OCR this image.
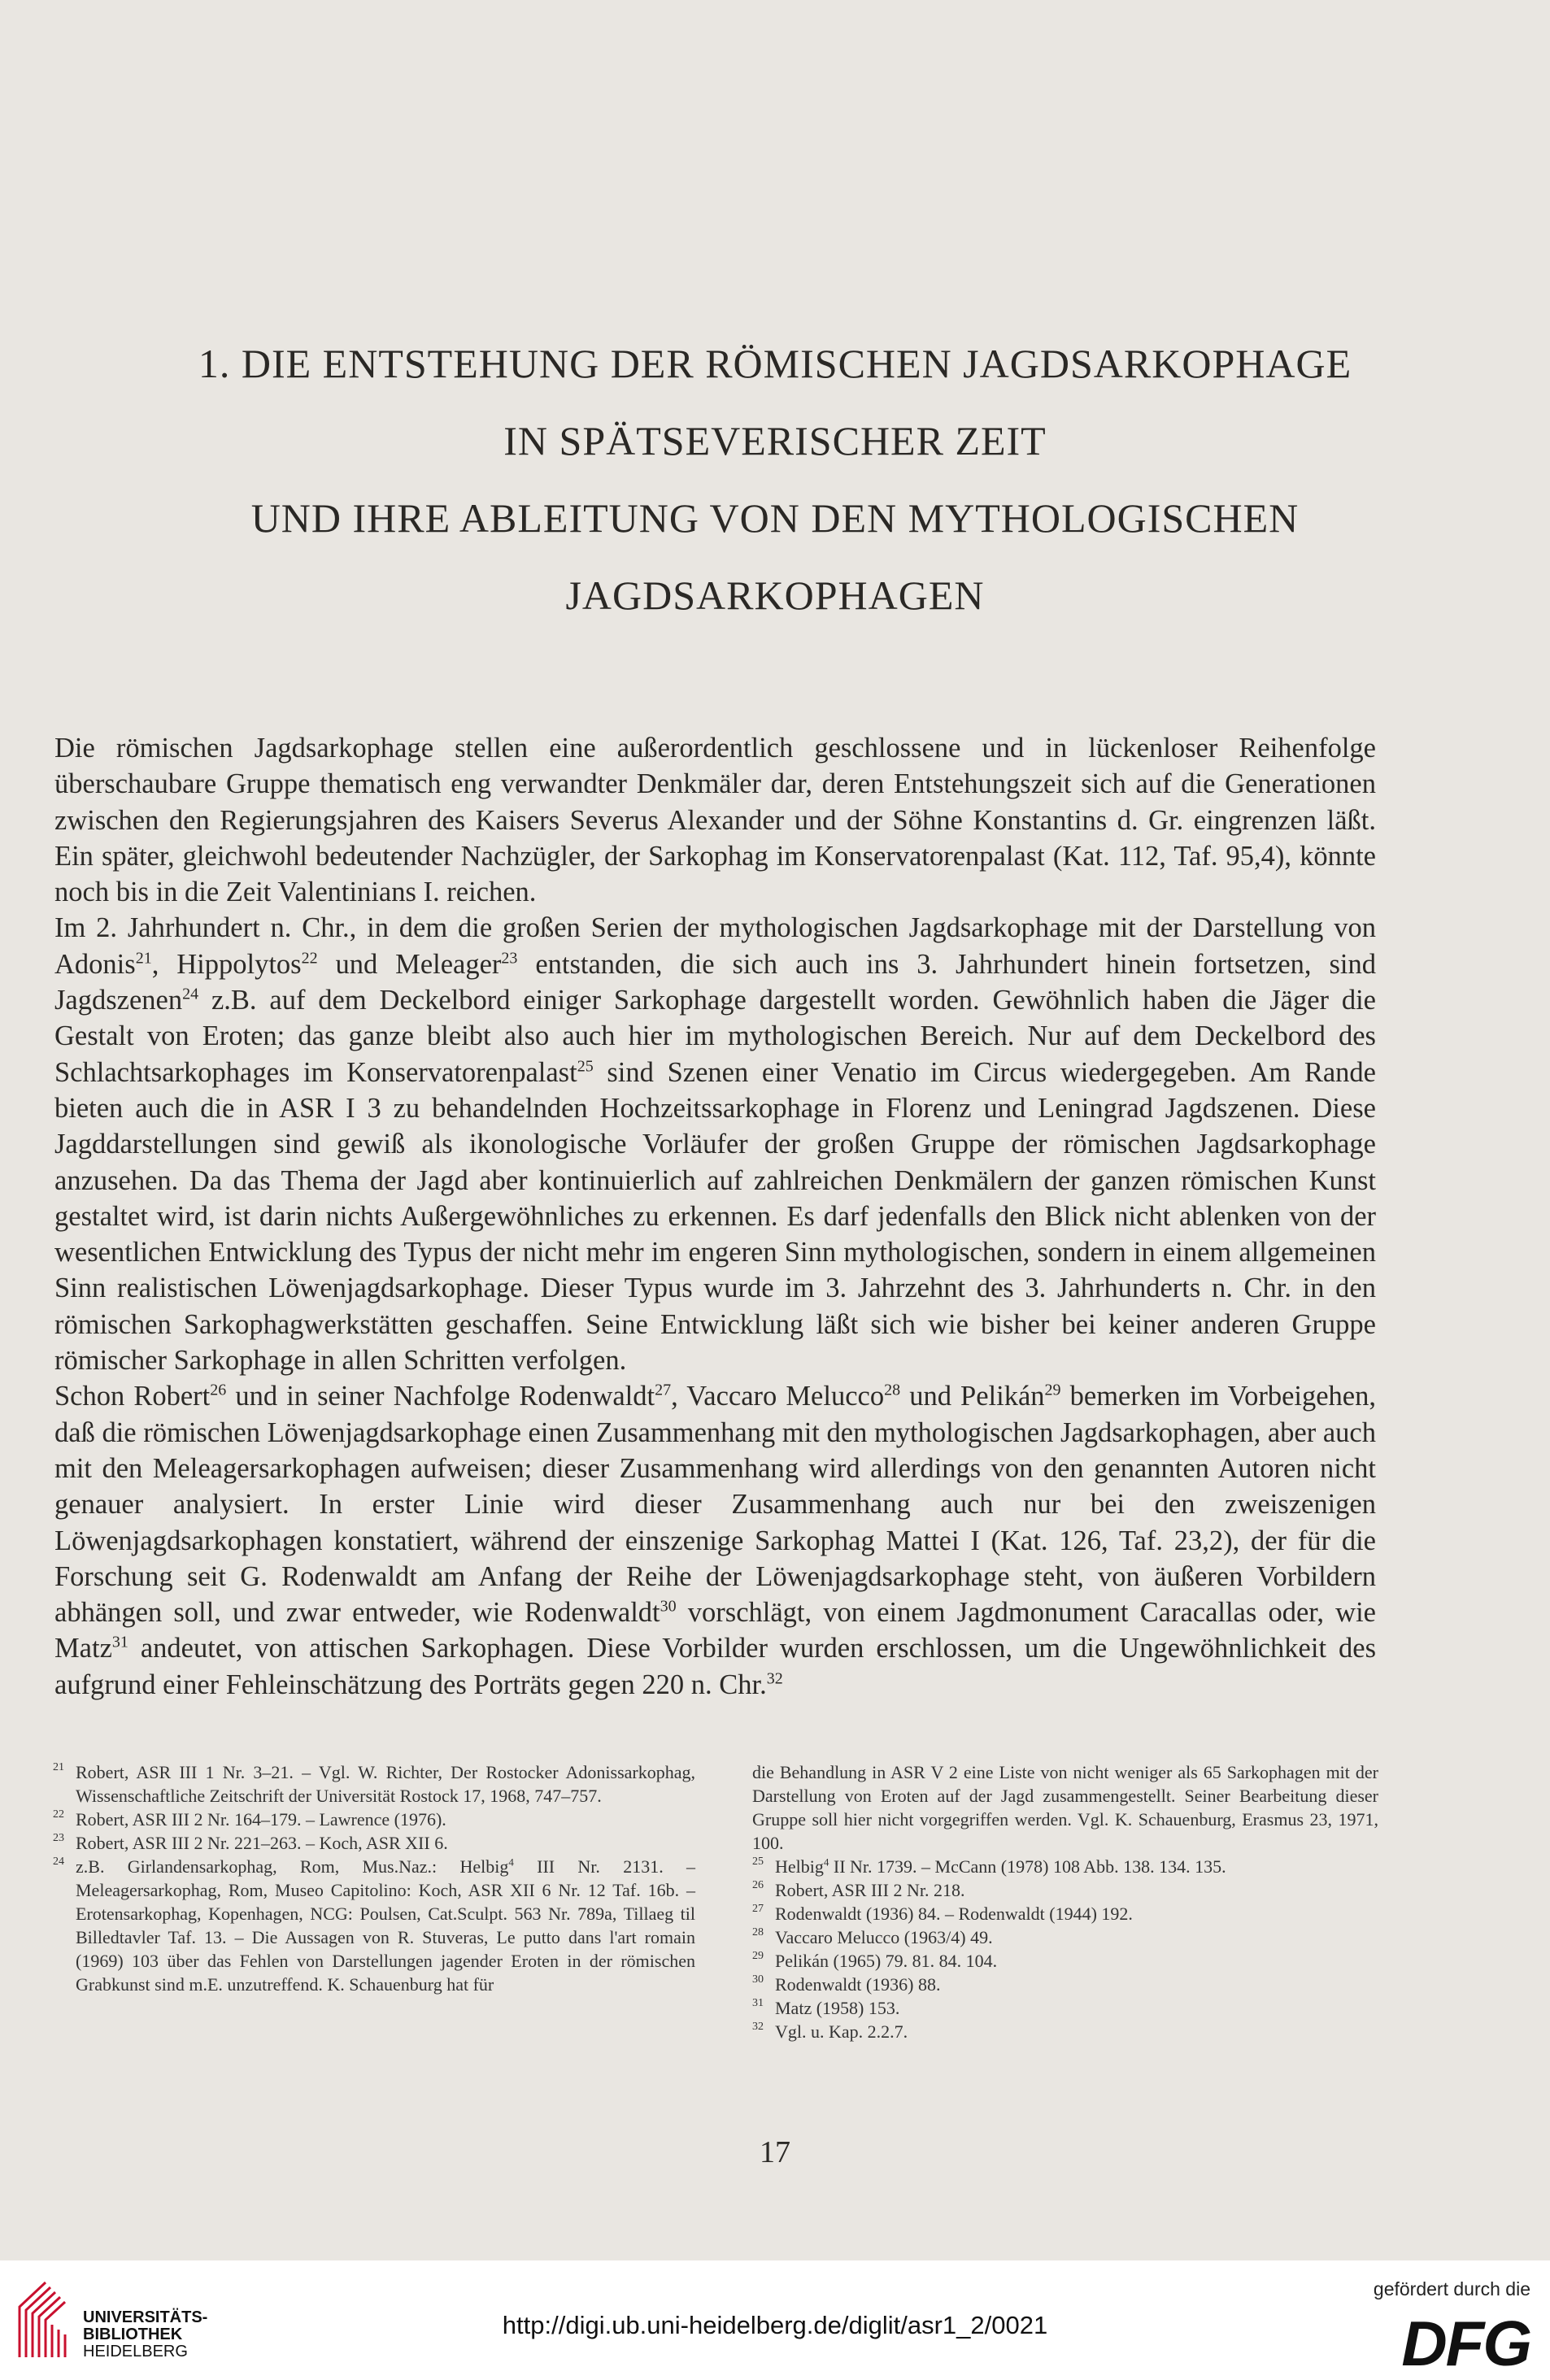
1. DIE ENTSTEHUNG DER RÖMISCHEN JAGDSARKOPHAGE
IN SPÄTSEVERISCHER ZEIT
UND IHRE ABLEITUNG VON DEN MYTHOLOGISCHEN
JAGDSARKOPHAGEN

Die römischen Jagdsarkophage stellen eine außerordentlich geschlossene und in lückenloser Reihenfolge überschaubare Gruppe thematisch eng verwandter Denkmäler dar, deren Entstehungszeit sich auf die Generationen zwischen den Regierungsjahren des Kaisers Severus Alexander und der Söhne Konstantins d. Gr. eingrenzen läßt. Ein später, gleichwohl bedeutender Nachzügler, der Sarkophag im Konservatorenpalast (Kat. 112, Taf. 95,4), könnte noch bis in die Zeit Valentinians I. reichen.

Im 2. Jahrhundert n. Chr., in dem die großen Serien der mythologischen Jagdsarkophage mit der Darstellung von Adonis$^{21}$, Hippolytos$^{22}$ und Meleager$^{23}$ entstanden, die sich auch ins 3. Jahrhundert hinein fortsetzen, sind Jagdszenen$^{24}$ z.B. auf dem Deckelbord einiger Sarkophage dargestellt worden. Gewöhnlich haben die Jäger die Gestalt von Eroten; das ganze bleibt also auch hier im mythologischen Bereich. Nur auf dem Deckelbord des Schlachtsarkophages im Konservatorenpalast$^{25}$ sind Szenen einer Venatio im Circus wiedergegeben. Am Rande bieten auch die in ASR I 3 zu behandelnden Hochzeitssarkophage in Florenz und Leningrad Jagdszenen. Diese Jagddarstellungen sind gewiß als ikonologische Vorläufer der großen Gruppe der römischen Jagdsarkophage anzusehen. Da das Thema der Jagd aber kontinuierlich auf zahlreichen Denkmälern der ganzen römischen Kunst gestaltet wird, ist darin nichts Außergewöhnliches zu erkennen. Es darf jedenfalls den Blick nicht ablenken von der wesentlichen Entwicklung des Typus der nicht mehr im engeren Sinn mythologischen, sondern in einem allgemeinen Sinn realistischen Löwenjagdsarkophage. Dieser Typus wurde im 3. Jahrzehnt des 3. Jahrhunderts n. Chr. in den römischen Sarkophagwerkstätten geschaffen. Seine Entwicklung läßt sich wie bisher bei keiner anderen Gruppe römischer Sarkophage in allen Schritten verfolgen.

Schon Robert$^{26}$ und in seiner Nachfolge Rodenwaldt$^{27}$, Vaccaro Melucco$^{28}$ und Pelikán$^{29}$ bemerken im Vorbeigehen, daß die römischen Löwenjagdsarkophage einen Zusammenhang mit den mythologischen Jagdsarkophagen, aber auch mit den Meleagersarkophagen aufweisen; dieser Zusammenhang wird allerdings von den genannten Autoren nicht genauer analysiert. In erster Linie wird dieser Zusammenhang auch nur bei den zweiszenigen Löwenjagdsarkophagen konstatiert, während der einszenige Sarkophag Mattei I (Kat. 126, Taf. 23,2), der für die Forschung seit G. Rodenwaldt am Anfang der Reihe der Löwenjagdsarkophage steht, von äußeren Vorbildern abhängen soll, und zwar entweder, wie Rodenwaldt$^{30}$ vorschlägt, von einem Jagdmonument Caracallas oder, wie Matz$^{31}$ andeutet, von attischen Sarkophagen. Diese Vorbilder wurden erschlossen, um die Ungewöhnlichkeit des aufgrund einer Fehleinschätzung des Porträts gegen 220 n. Chr.$^{32}$

21 Robert, ASR III 1 Nr. 3–21. – Vgl. W. Richter, Der Rostocker Adonissarkophag, Wissenschaftliche Zeitschrift der Universität Rostock 17, 1968, 747–757.
22 Robert, ASR III 2 Nr. 164–179. – Lawrence (1976).
23 Robert, ASR III 2 Nr. 221–263. – Koch, ASR XII 6.
24 z.B. Girlandensarkophag, Rom, Mus.Naz.: Helbig$^4$ III Nr. 2131. – Meleagersarkophag, Rom, Museo Capitolino: Koch, ASR XII 6 Nr. 12 Taf. 16b. – Erotensarkophag, Kopenhagen, NCG: Poulsen, Cat.Sculpt. 563 Nr. 789a, Tillaeg til Billedtavler Taf. 13. – Die Aussagen von R. Stuveras, Le putto dans l'art romain (1969) 103 über das Fehlen von Darstellungen jagender Eroten in der römischen Grabkunst sind m.E. unzutreffend. K. Schauenburg hat für
die Behandlung in ASR V 2 eine Liste von nicht weniger als 65 Sarkophagen mit der Darstellung von Eroten auf der Jagd zusammengestellt. Seiner Bearbeitung dieser Gruppe soll hier nicht vorgegriffen werden. Vgl. K. Schauenburg, Erasmus 23, 1971, 100.
25 Helbig$^4$ II Nr. 1739. – McCann (1978) 108 Abb. 138. 134. 135.
26 Robert, ASR III 2 Nr. 218.
27 Rodenwaldt (1936) 84. – Rodenwaldt (1944) 192.
28 Vaccaro Melucco (1963/4) 49.
29 Pelikán (1965) 79. 81. 84. 104.
30 Rodenwaldt (1936) 88.
31 Matz (1958) 153.
32 Vgl. u. Kap. 2.2.7.
17
UNIVERSITÄTS-
BIBLIOTHEK
HEIDELBERG
http://digi.ub.uni-heidelberg.de/diglit/asr1_2/0021
gefördert durch die
DFG
